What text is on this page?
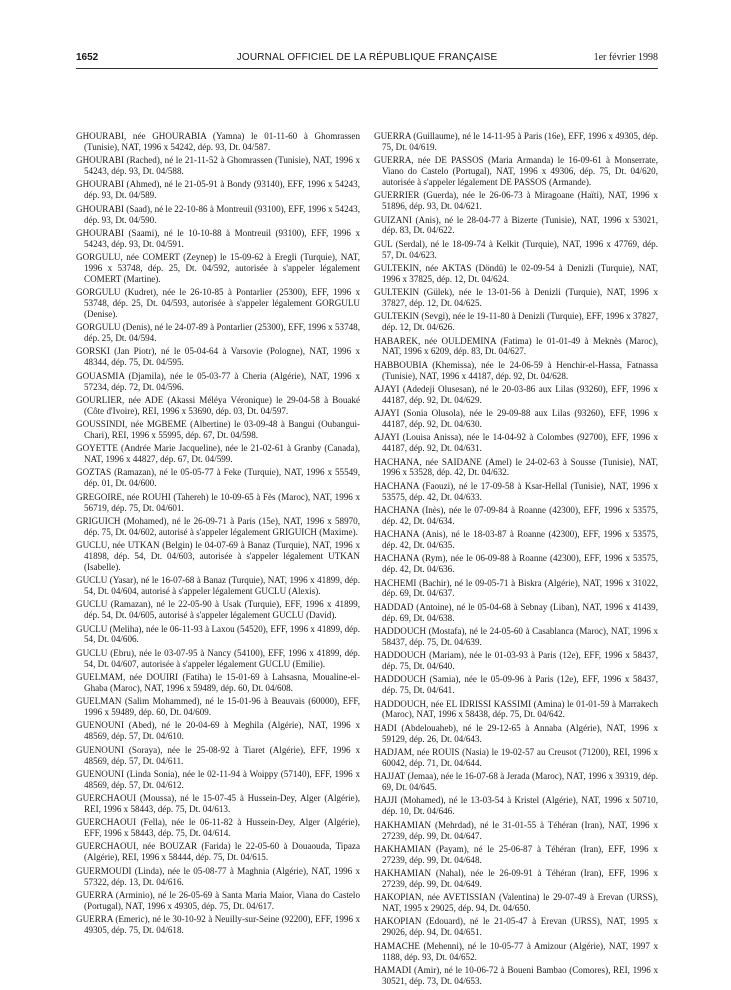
1652	JOURNAL OFFICIEL DE LA RÉPUBLIQUE FRANÇAISE	1er février 1998

GHOURABI, née GHOURABIA (Yamna) le 01-11-60 à Ghomrassen (Tunisie), NAT, 1996 x 54242, dép. 93, Dt. 04/587.

GHOURABI (Rached), né le 21-11-52 à Ghomrassen (Tunisie), NAT, 1996 x 54243, dép. 93, Dt. 04/588.

GHOURABI (Ahmed), né le 21-05-91 à Bondy (93140), EFF, 1996 x 54243, dép. 93, Dt. 04/589.

GHOURABI (Saad), né le 22-10-86 à Montreuil (93100), EFF, 1996 x 54243, dép. 93, Dt. 04/590.

GHOURABI (Saami), né le 10-10-88 à Montreuil (93100), EFF, 1996 x 54243, dép. 93, Dt. 04/591.

GORGULU, née COMERT (Zeynep) le 15-09-62 à Eregli (Turquie), NAT, 1996 x 53748, dép. 25, Dt. 04/592, autorisée à s'appeler légalement COMERT (Martine).

GORGULU (Kudret), née le 26-10-85 à Pontarlier (25300), EFF, 1996 x 53748, dép. 25, Dt. 04/593, autorisée à s'appeler légalement GORGULU (Denise).

GORGULU (Denis), né le 24-07-89 à Pontarlier (25300), EFF, 1996 x 53748, dép. 25, Dt. 04/594.

GORSKI (Jan Piotr), né le 05-04-64 à Varsovie (Pologne), NAT, 1996 x 48344, dép. 75, Dt. 04/595.

GOUASMIA (Djamila), née le 05-03-77 à Cheria (Algérie), NAT, 1996 x 57234, dép. 72, Dt. 04/596.

GOURLIER, née ADE (Akassi Méléya Véronique) le 29-04-58 à Bouaké (Côte d'Ivoire), REI, 1996 x 53690, dép. 03, Dt. 04/597.

GOUSSINDI, née MGBEME (Albertine) le 03-09-48 à Bangui (Oubangui-Chari), REI, 1996 x 55995, dép. 67, Dt. 04/598.

GOYETTE (Andrée Marie Jacqueline), née le 21-02-61 à Granby (Canada), NAT, 1996 x 44827, dép. 67, Dt. 04/599.

GOZTAS (Ramazan), né le 05-05-77 à Feke (Turquie), NAT, 1996 x 55549, dép. 01, Dt. 04/600.

GREGOIRE, née ROUHI (Tahereh) le 10-09-65 à Fès (Maroc), NAT, 1996 x 56719, dép. 75, Dt. 04/601.

GRIGUICH (Mohamed), né le 26-09-71 à Paris (15e), NAT, 1996 x 58970, dép. 75, Dt. 04/602, autorisé à s'appeler légalement GRIGUICH (Maxime).

GUCLU, née UTKAN (Belgin) le 04-07-69 à Banaz (Turquie), NAT, 1996 x 41898, dép. 54, Dt. 04/603, autorisée à s'appeler légalement UTKAN (Isabelle).

GUCLU (Yasar), né le 16-07-68 à Banaz (Turquie), NAT, 1996 x 41899, dép. 54, Dt. 04/604, autorisé à s'appeler légalement GUCLU (Alexis).

GUCLU (Ramazan), né le 22-05-90 à Usak (Turquie), EFF, 1996 x 41899, dép. 54, Dt. 04/605, autorisé à s'appeler légalement GUCLU (David).

GUCLU (Meliha), née le 06-11-93 à Laxou (54520), EFF, 1996 x 41899, dép. 54, Dt. 04/606.

GUCLU (Ebru), née le 03-07-95 à Nancy (54100), EFF, 1996 x 41899, dép. 54, Dt. 04/607, autorisée à s'appeler légalement GUCLU (Emilie).

GUELMAM, née DOUIRI (Fatiha) le 15-01-69 à Lahsasna, Moualine-el-Ghaba (Maroc), NAT, 1996 x 59489, dép. 60, Dt. 04/608.

GUELMAN (Salim Mohammed), né le 15-01-96 à Beauvais (60000), EFF, 1996 x 59489, dép. 60, Dt. 04/609.

GUENOUNI (Abed), né le 20-04-69 à Meghila (Algérie), NAT, 1996 x 48569, dép. 57, Dt. 04/610.

GUENOUNI (Soraya), née le 25-08-92 à Tiaret (Algérie), EFF, 1996 x 48569, dép. 57, Dt. 04/611.

GUENOUNI (Linda Sonia), née le 02-11-94 à Woippy (57140), EFF, 1996 x 48569, dép. 57, Dt. 04/612.

GUERCHAOUI (Moussa), né le 15-07-45 à Hussein-Dey, Alger (Algérie), REI, 1996 x 58443, dép. 75, Dt. 04/613.

GUERCHAOUI (Fella), née le 06-11-82 à Hussein-Dey, Alger (Algérie), EFF, 1996 x 58443, dép. 75, Dt. 04/614.

GUERCHAOUI, née BOUZAR (Farida) le 22-05-60 à Douaouda, Tipaza (Algérie), REI, 1996 x 58444, dép. 75, Dt. 04/615.

GUERMOUDI (Linda), née le 05-08-77 à Maghnia (Algérie), NAT, 1996 x 57322, dép. 13, Dt. 04/616.

GUERRA (Arminio), né le 26-05-69 à Santa Maria Maior, Viana do Castelo (Portugal), NAT, 1996 x 49305, dép. 75, Dt. 04/617.

GUERRA (Emeric), né le 30-10-92 à Neuilly-sur-Seine (92200), EFF, 1996 x 49305, dép. 75, Dt. 04/618.

GUERRA (Guillaume), né le 14-11-95 à Paris (16e), EFF, 1996 x 49305, dép. 75, Dt. 04/619.

GUERRA, née DE PASSOS (Maria Armanda) le 16-09-61 à Monserrate, Viano do Castelo (Portugal), NAT, 1996 x 49306, dép. 75, Dt. 04/620, autorisée à s'appeler légalement DE PASSOS (Armande).

GUERRIER (Guerda), née le 26-06-73 à Miragoane (Haïti), NAT, 1996 x 51896, dép. 93, Dt. 04/621.

GUIZANI (Anis), né le 28-04-77 à Bizerte (Tunisie), NAT, 1996 x 53021, dép. 83, Dt. 04/622.

GUL (Serdal), né le 18-09-74 à Kelkit (Turquie), NAT, 1996 x 47769, dép. 57, Dt. 04/623.

GULTEKIN, née AKTAS (Döndü) le 02-09-54 à Denizli (Turquie), NAT, 1996 x 37825, dép. 12, Dt. 04/624.

GULTEKIN (Gülek), née le 13-01-56 à Denizli (Turquie), NAT, 1996 x 37827, dép. 12, Dt. 04/625.

GULTEKIN (Sevgi), née le 19-11-80 à Denizli (Turquie), EFF, 1996 x 37827, dép. 12, Dt. 04/626.

HABAREK, née OULDEMINA (Fatima) le 01-01-49 à Meknès (Maroc), NAT, 1996 x 6209, dép. 83, Dt. 04/627.

HABBOUBIA (Khemissa), née le 24-06-59 à Henchir-el-Hassa, Fatnassa (Tunisie), NAT, 1996 x 44187, dép. 92, Dt. 04/628.

AJAYI (Adedeji Olusesan), né le 20-03-86 aux Lilas (93260), EFF, 1996 x 44187, dép. 92, Dt. 04/629.

AJAYI (Sonia Olusola), née le 29-09-88 aux Lilas (93260), EFF, 1996 x 44187, dép. 92, Dt. 04/630.

AJAYI (Louisa Anissa), née le 14-04-92 à Colombes (92700), EFF, 1996 x 44187, dép. 92, Dt. 04/631.

HACHANA, née SAIDANE (Amel) le 24-02-63 à Sousse (Tunisie), NAT, 1996 x 53528, dép. 42, Dt. 04/632.

HACHANA (Faouzi), né le 17-09-58 à Ksar-Hellal (Tunisie), NAT, 1996 x 53575, dép. 42, Dt. 04/633.

HACHANA (Inès), née le 07-09-84 à Roanne (42300), EFF, 1996 x 53575, dép. 42, Dt. 04/634.

HACHANA (Anis), né le 18-03-87 à Roanne (42300), EFF, 1996 x 53575, dép. 42, Dt. 04/635.

HACHANA (Rym), née le 06-09-88 à Roanne (42300), EFF, 1996 x 53575, dép. 42, Dt. 04/636.

HACHEMI (Bachir), né le 09-05-71 à Biskra (Algérie), NAT, 1996 x 31022, dép. 69, Dt. 04/637.

HADDAD (Antoine), né le 05-04-68 à Sebnay (Liban), NAT, 1996 x 41439, dép. 69, Dt. 04/638.

HADDOUCH (Mostafa), né le 24-05-60 à Casablanca (Maroc), NAT, 1996 x 58437, dép. 75, Dt. 04/639.

HADDOUCH (Mariam), née le 01-03-93 à Paris (12e), EFF, 1996 x 58437, dép. 75, Dt. 04/640.

HADDOUCH (Samia), née le 05-09-96 à Paris (12e), EFF, 1996 x 58437, dép. 75, Dt. 04/641.

HADDOUCH, née EL IDRISSI KASSIMI (Amina) le 01-01-59 à Marrakech (Maroc), NAT, 1996 x 58438, dép. 75, Dt. 04/642.

HADI (Abdelouaheb), né le 29-12-65 à Annaba (Algérie), NAT, 1996 x 59129, dép. 26, Dt. 04/643.

HADJAM, née ROUIS (Nasia) le 19-02-57 au Creusot (71200), REI, 1996 x 60042, dép. 71, Dt. 04/644.

HAJJAT (Jemaa), née le 16-07-68 à Jerada (Maroc), NAT, 1996 x 39319, dép. 69, Dt. 04/645.

HAJJI (Mohamed), né le 13-03-54 à Kristel (Algérie), NAT, 1996 x 50710, dép. 10, Dt. 04/646.

HAKHAMIAN (Mehrdad), né le 31-01-55 à Téhéran (Iran), NAT, 1996 x 27239, dép. 99, Dt. 04/647.

HAKHAMIAN (Payam), né le 25-06-87 à Téhéran (Iran), EFF, 1996 x 27239, dép. 99, Dt. 04/648.

HAKHAMIAN (Nahal), née le 26-09-91 à Téhéran (Iran), EFF, 1996 x 27239, dép. 99, Dt. 04/649.

HAKOPIAN, née AVETISSIAN (Valentina) le 29-07-49 à Erevan (URSS), NAT, 1995 x 29025, dép. 94, Dt. 04/650.

HAKOPIAN (Edouard), né le 21-05-47 à Erevan (URSS), NAT, 1995 x 29026, dép. 94, Dt. 04/651.

HAMACHE (Mehenni), né le 10-05-77 à Amizour (Algérie), NAT, 1997 x 1188, dép. 93, Dt. 04/652.

HAMADI (Amir), né le 10-06-72 à Boueni Bambao (Comores), REI, 1996 x 30521, dép. 73, Dt. 04/653.
